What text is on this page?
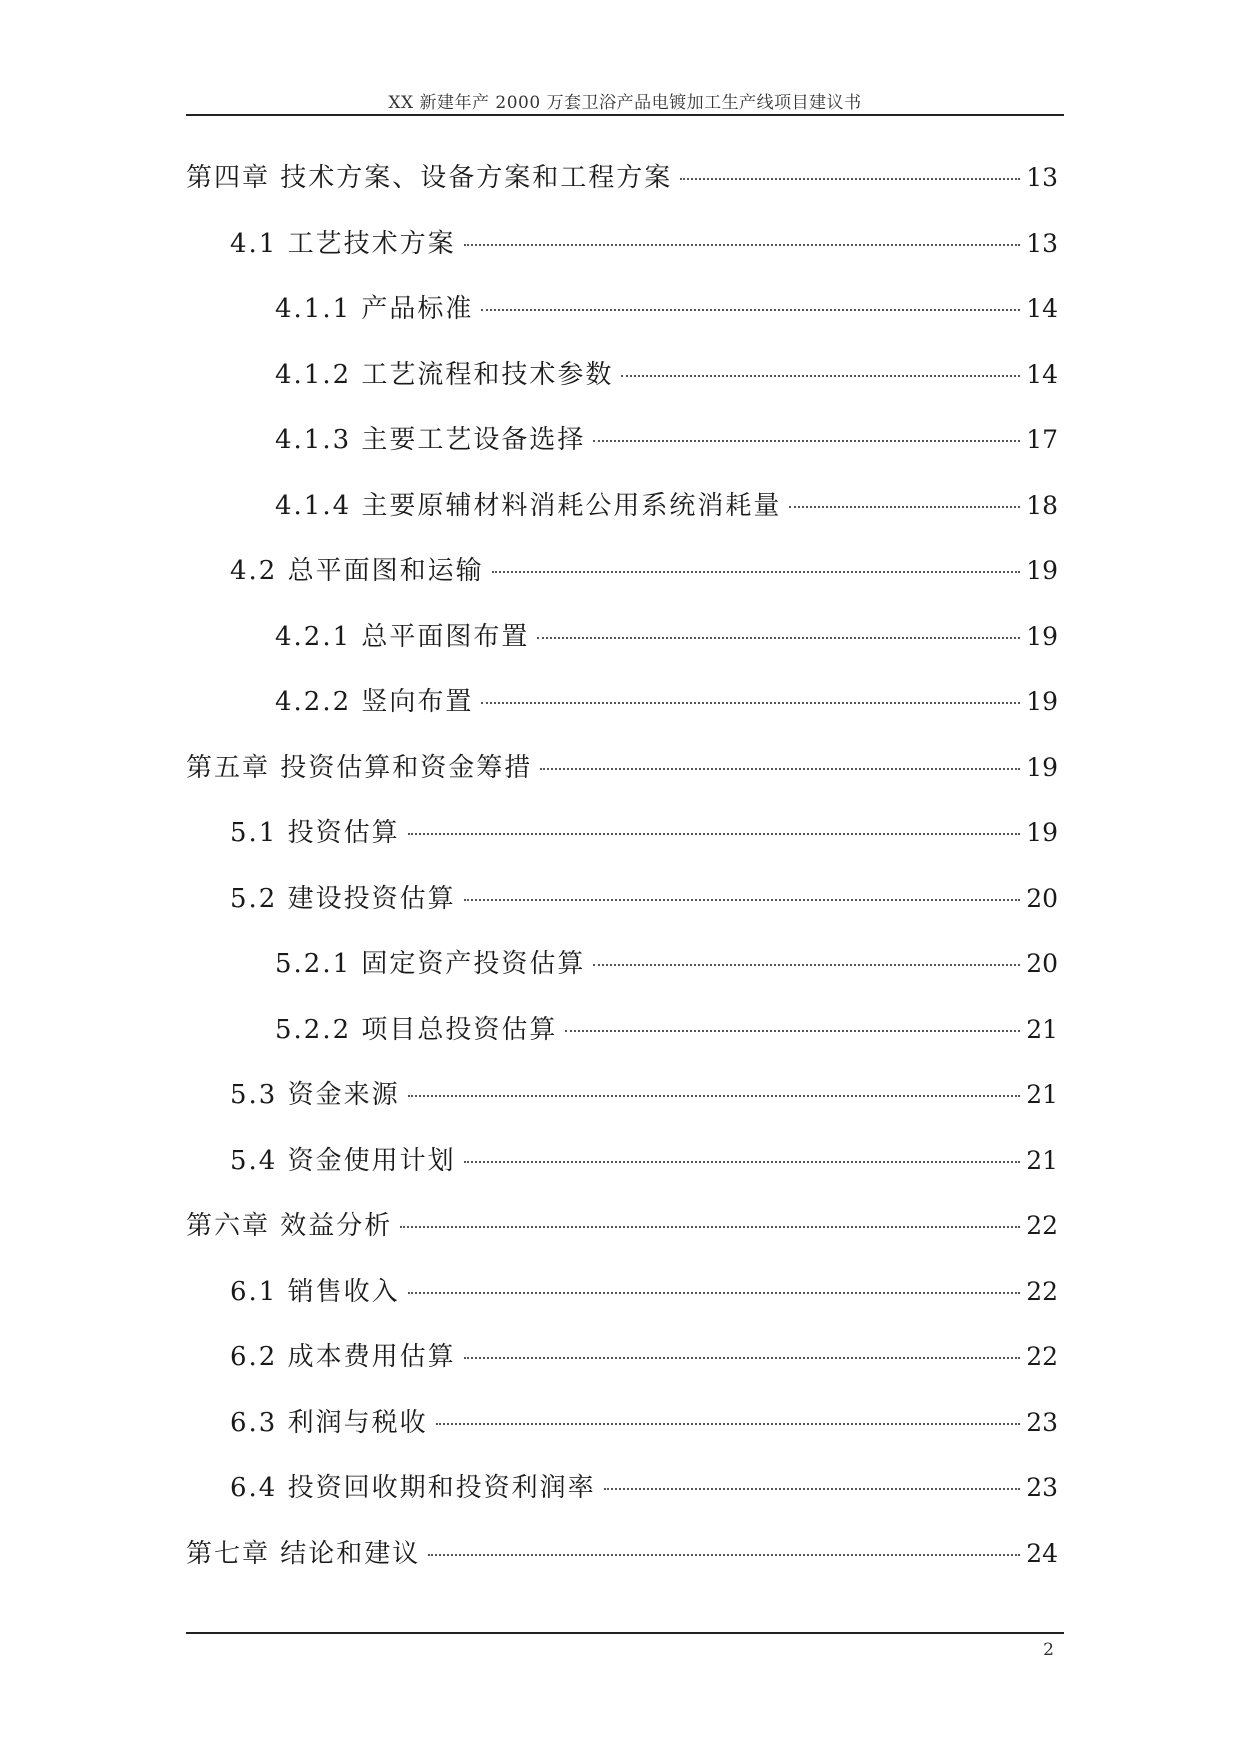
XX 新建年产 2000 万套卫浴产品电镀加工生产线项目建议书
第四章 技术方案、设备方案和工程方案	13
4.1 工艺技术方案	13
4.1.1 产品标准	14
4.1.2 工艺流程和技术参数	14
4.1.3 主要工艺设备选择	17
4.1.4 主要原辅材料消耗公用系统消耗量	18
4.2 总平面图和运输	19
4.2.1 总平面图布置	19
4.2.2 竖向布置	19
第五章 投资估算和资金筹措	19
5.1 投资估算	19
5.2 建设投资估算	20
5.2.1 固定资产投资估算	20
5.2.2 项目总投资估算	21
5.3 资金来源	21
5.4 资金使用计划	21
第六章 效益分析	22
6.1 销售收入	22
6.2 成本费用估算	22
6.3 利润与税收	23
6.4 投资回收期和投资利润率	23
第七章 结论和建议	24
2
